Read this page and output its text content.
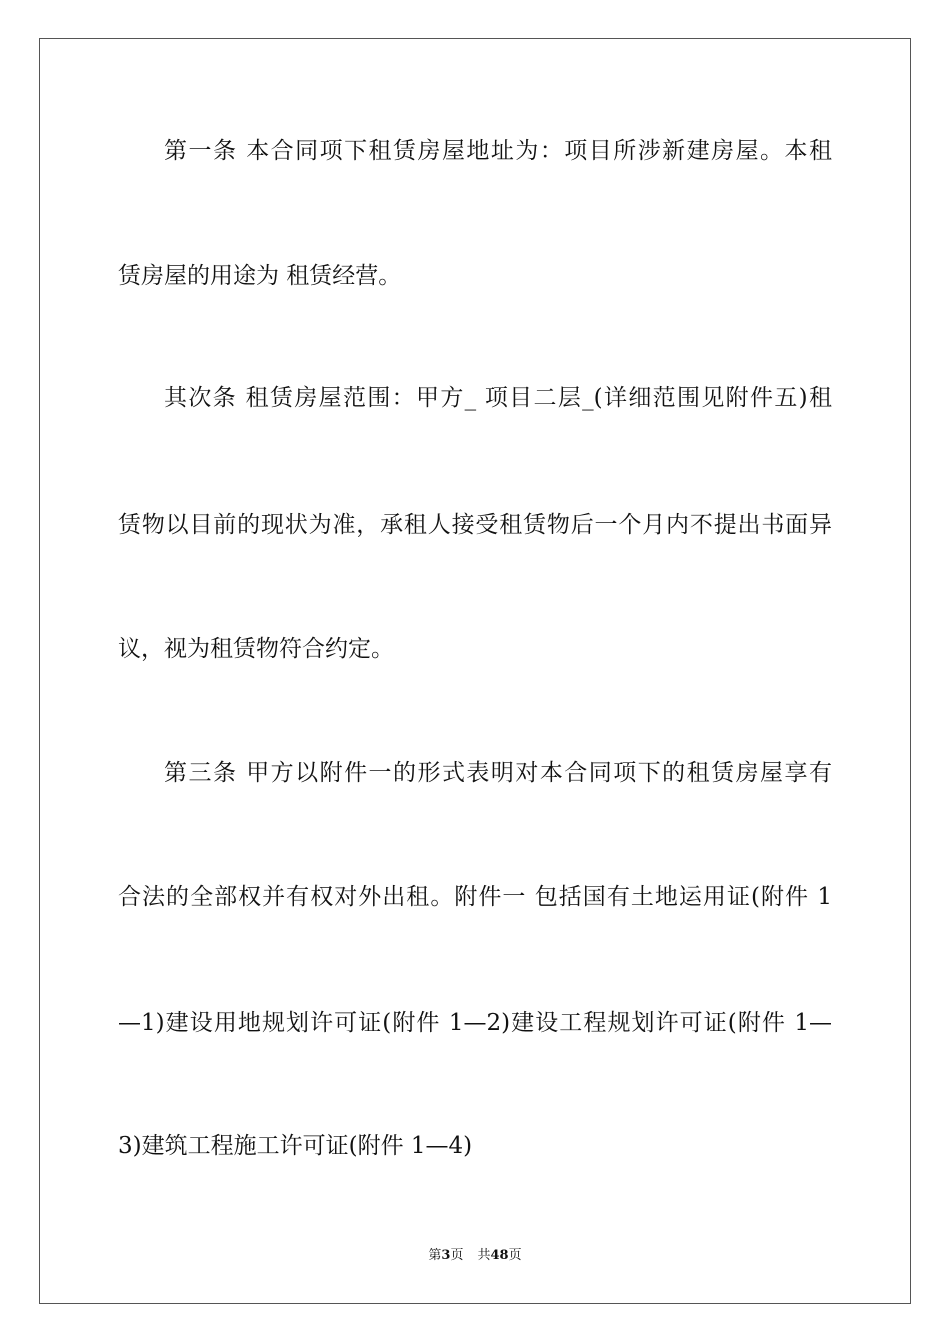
第一条 本合同项下租赁房屋地址为：项目所涉新建房屋。本租
赁房屋的用途为 租赁经营。
其次条 租赁房屋范围：甲方_ 项目二层_(详细范围见附件五)租
赁物以目前的现状为准，承租人接受租赁物后一个月内不提出书面异
议，视为租赁物符合约定。
第三条 甲方以附件一的形式表明对本合同项下的租赁房屋享有
合法的全部权并有权对外出租。附件一 包括国有土地运用证(附件 1
—1)建设用地规划许可证(附件 1—2)建设工程规划许可证(附件 1—
3)建筑工程施工许可证(附件 1—4)
第3页 共48页
